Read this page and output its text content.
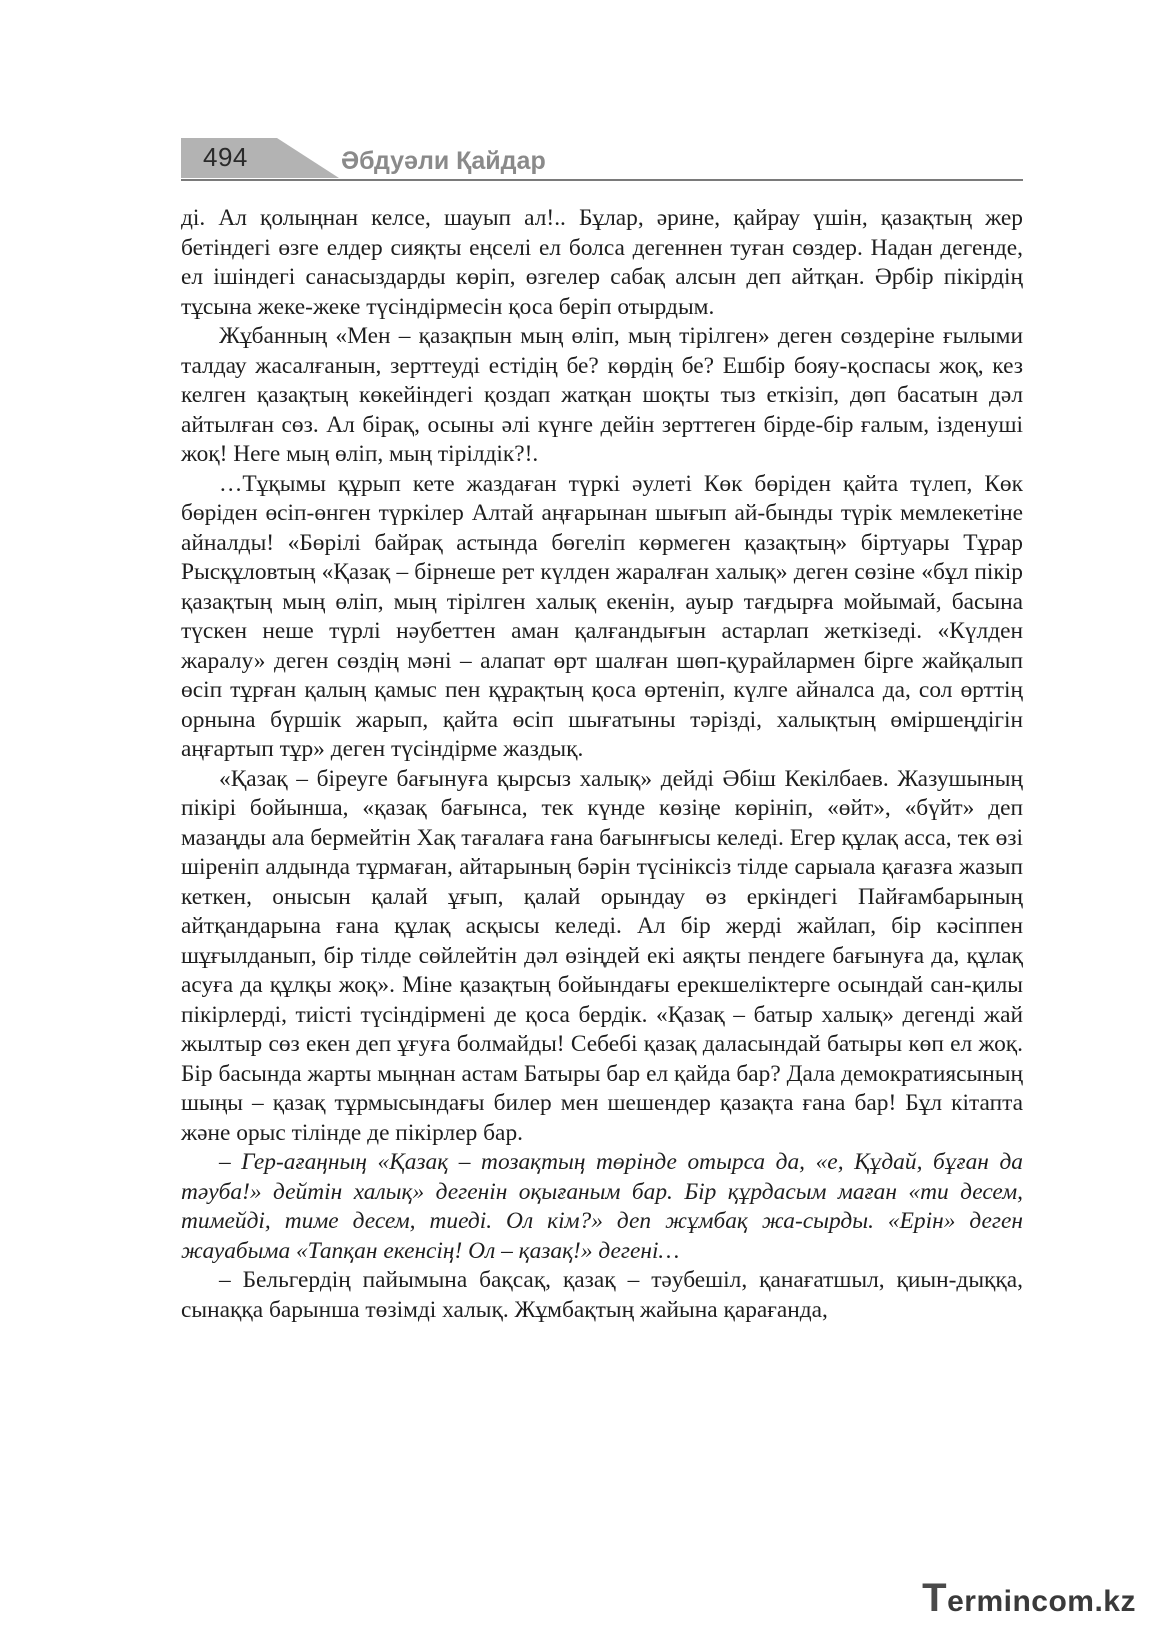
494	Әбдуәли Қайдар

ді. Ал қолыңнан келсе, шауып ал!.. Бұлар, әрине, қайрау үшін, қазақтың жер бетіндегі өзге елдер сияқты еңселі ел болса дегеннен туған сөздер. Надан дегенде, ел ішіндегі санасыздарды көріп, өзгелер сабақ алсын деп айтқан. Әрбір пікірдің тұсына жеке-жеке түсіндірмесін қоса беріп отырдым.

Жұбанның «Мен – қазақпын мың өліп, мың тірілген» деген сөздеріне ғылыми талдау жасалғанын, зерттеуді естідің бе? көрдің бе? Ешбір бояу-қоспасы жоқ, кез келген қазақтың көкейіндегі қоздап жатқан шоқты тыз еткізіп, дөп басатын дәл айтылған сөз. Ал бірақ, осыны әлі күнге дейін зерттеген бірде-бір ғалым, ізденуші жоқ! Неге мың өліп, мың тірілдік?!.

…Тұқымы құрып кете жаздаған түркі әулеті Көк бөріден қайта түлеп, Көк бөріден өсіп-өнген түркілер Алтай аңғарынан шығып ай-бынды түрік мемлекетіне айналды! «Бөрілі байрақ астында бөгеліп көрмеген қазақтың» біртуары Тұрар Рысқұловтың «Қазақ – бірнеше рет күлден жаралған халық» деген сөзіне «бұл пікір қазақтың мың өліп, мың тірілген халық екенін, ауыр тағдырға мойымай, басына түскен неше түрлі нәубеттен аман қалғандығын астарлап жеткізеді. «Күлден жаралу» деген сөздің мәні – алапат өрт шалған шөп-қурайлармен бірге жайқалып өсіп тұрған қалың қамыс пен құрақтың қоса өртеніп, күлге айналса да, сол өрттің орнына бүршік жарып, қайта өсіп шығатыны тәрізді, халықтың өміршеңдігін аңғартып тұр» деген түсіндірме жаздық.

«Қазақ – біреуге бағынуға қырсыз халық» дейді Әбіш Кекілбаев. Жазушының пікірі бойынша, «қазақ бағынса, тек күнде көзіңе көрініп, «өйт», «бүйт» деп мазаңды ала бермейтін Хақ тағалаға ғана бағынғысы келеді. Егер құлақ асса, тек өзі шіреніп алдында тұрмаған, айтарының бәрін түсініксіз тілде сарыала қағазға жазып кеткен, онысын қалай ұғып, қалай орындау өз еркіндегі Пайғамбарының айтқандарына ғана құлақ асқысы келеді. Ал бір жерді жайлап, бір кәсіппен шұғылданып, бір тілде сөйлейтін дәл өзіңдей екі аяқты пендеге бағынуға да, құлақ асуға да құлқы жоқ». Міне қазақтың бойындағы ерекшеліктерге осындай сан-қилы пікірлерді, тиісті түсіндірмені де қоса бердік. «Қазақ – батыр халық» дегенді жай жылтыр сөз екен деп ұғуға болмайды! Себебі қазақ даласындай батыры көп ел жоқ. Бір басында жарты мыңнан астам Батыры бар ел қайда бар? Дала демократиясының шыңы – қазақ тұрмысындағы билер мен шешендер қазақта ғана бар! Бұл кітапта және орыс тілінде де пікірлер бар.

– Гер-ағаңның «Қазақ – тозақтың төрінде отырса да, «е, Құдай, бұған да тәуба!» дейтін халық» дегенін оқығаным бар. Бір құрдасым маған «ти десем, тимейді, тиме десем, тиеді. Ол кім?» деп жұмбақ жа-сырды. «Ерін» деген жауабыма «Тапқан екенсің! Ол – қазақ!» дегені…

– Бельгердің пайымына бақсақ, қазақ – тәубешіл, қанағатшыл, қиын-дыққа, сынаққа барынша төзімді халық. Жұмбақтың жайына қарағанда,

Termincom.kz
